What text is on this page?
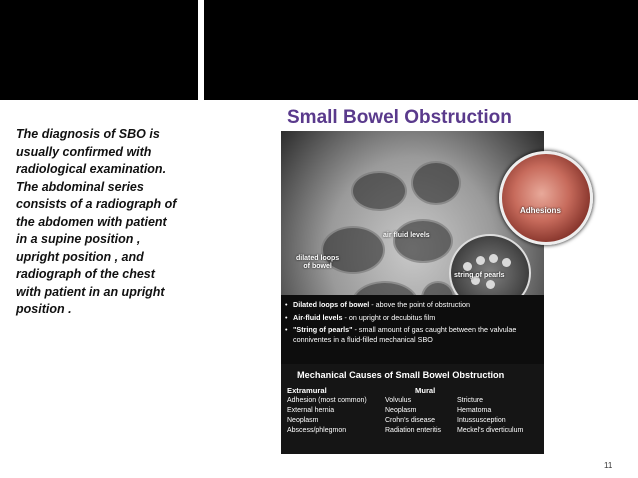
The diagnosis of SBO is
usually confirmed with
radiological examination.
The abdominal series
consists of a radiograph of
the abdomen with patient
in a supine position ,
upright position , and
radiograph of the chest
with patient in an upright
position .
Small Bowel Obstruction
Adhesions
air fluid levels
dilated loops
of bowel
string of pearls
• Dilated loops of bowel - above the point of obstruction
• Air-fluid levels - on upright or decubitus film
• "String of pearls" - small amount of gas caught between the valvulae conniventes in a fluid-filled mechanical SBO
Mechanical Causes of Small Bowel Obstruction
Extramural	Mural
Adhesion (most common)	Volvulus	Stricture
External hernia	Neoplasm	Hematoma
Neoplasm	Crohn's disease	Intussusception
Abscess/phlegmon	Radiation enteritis	Meckel's diverticulum
11
